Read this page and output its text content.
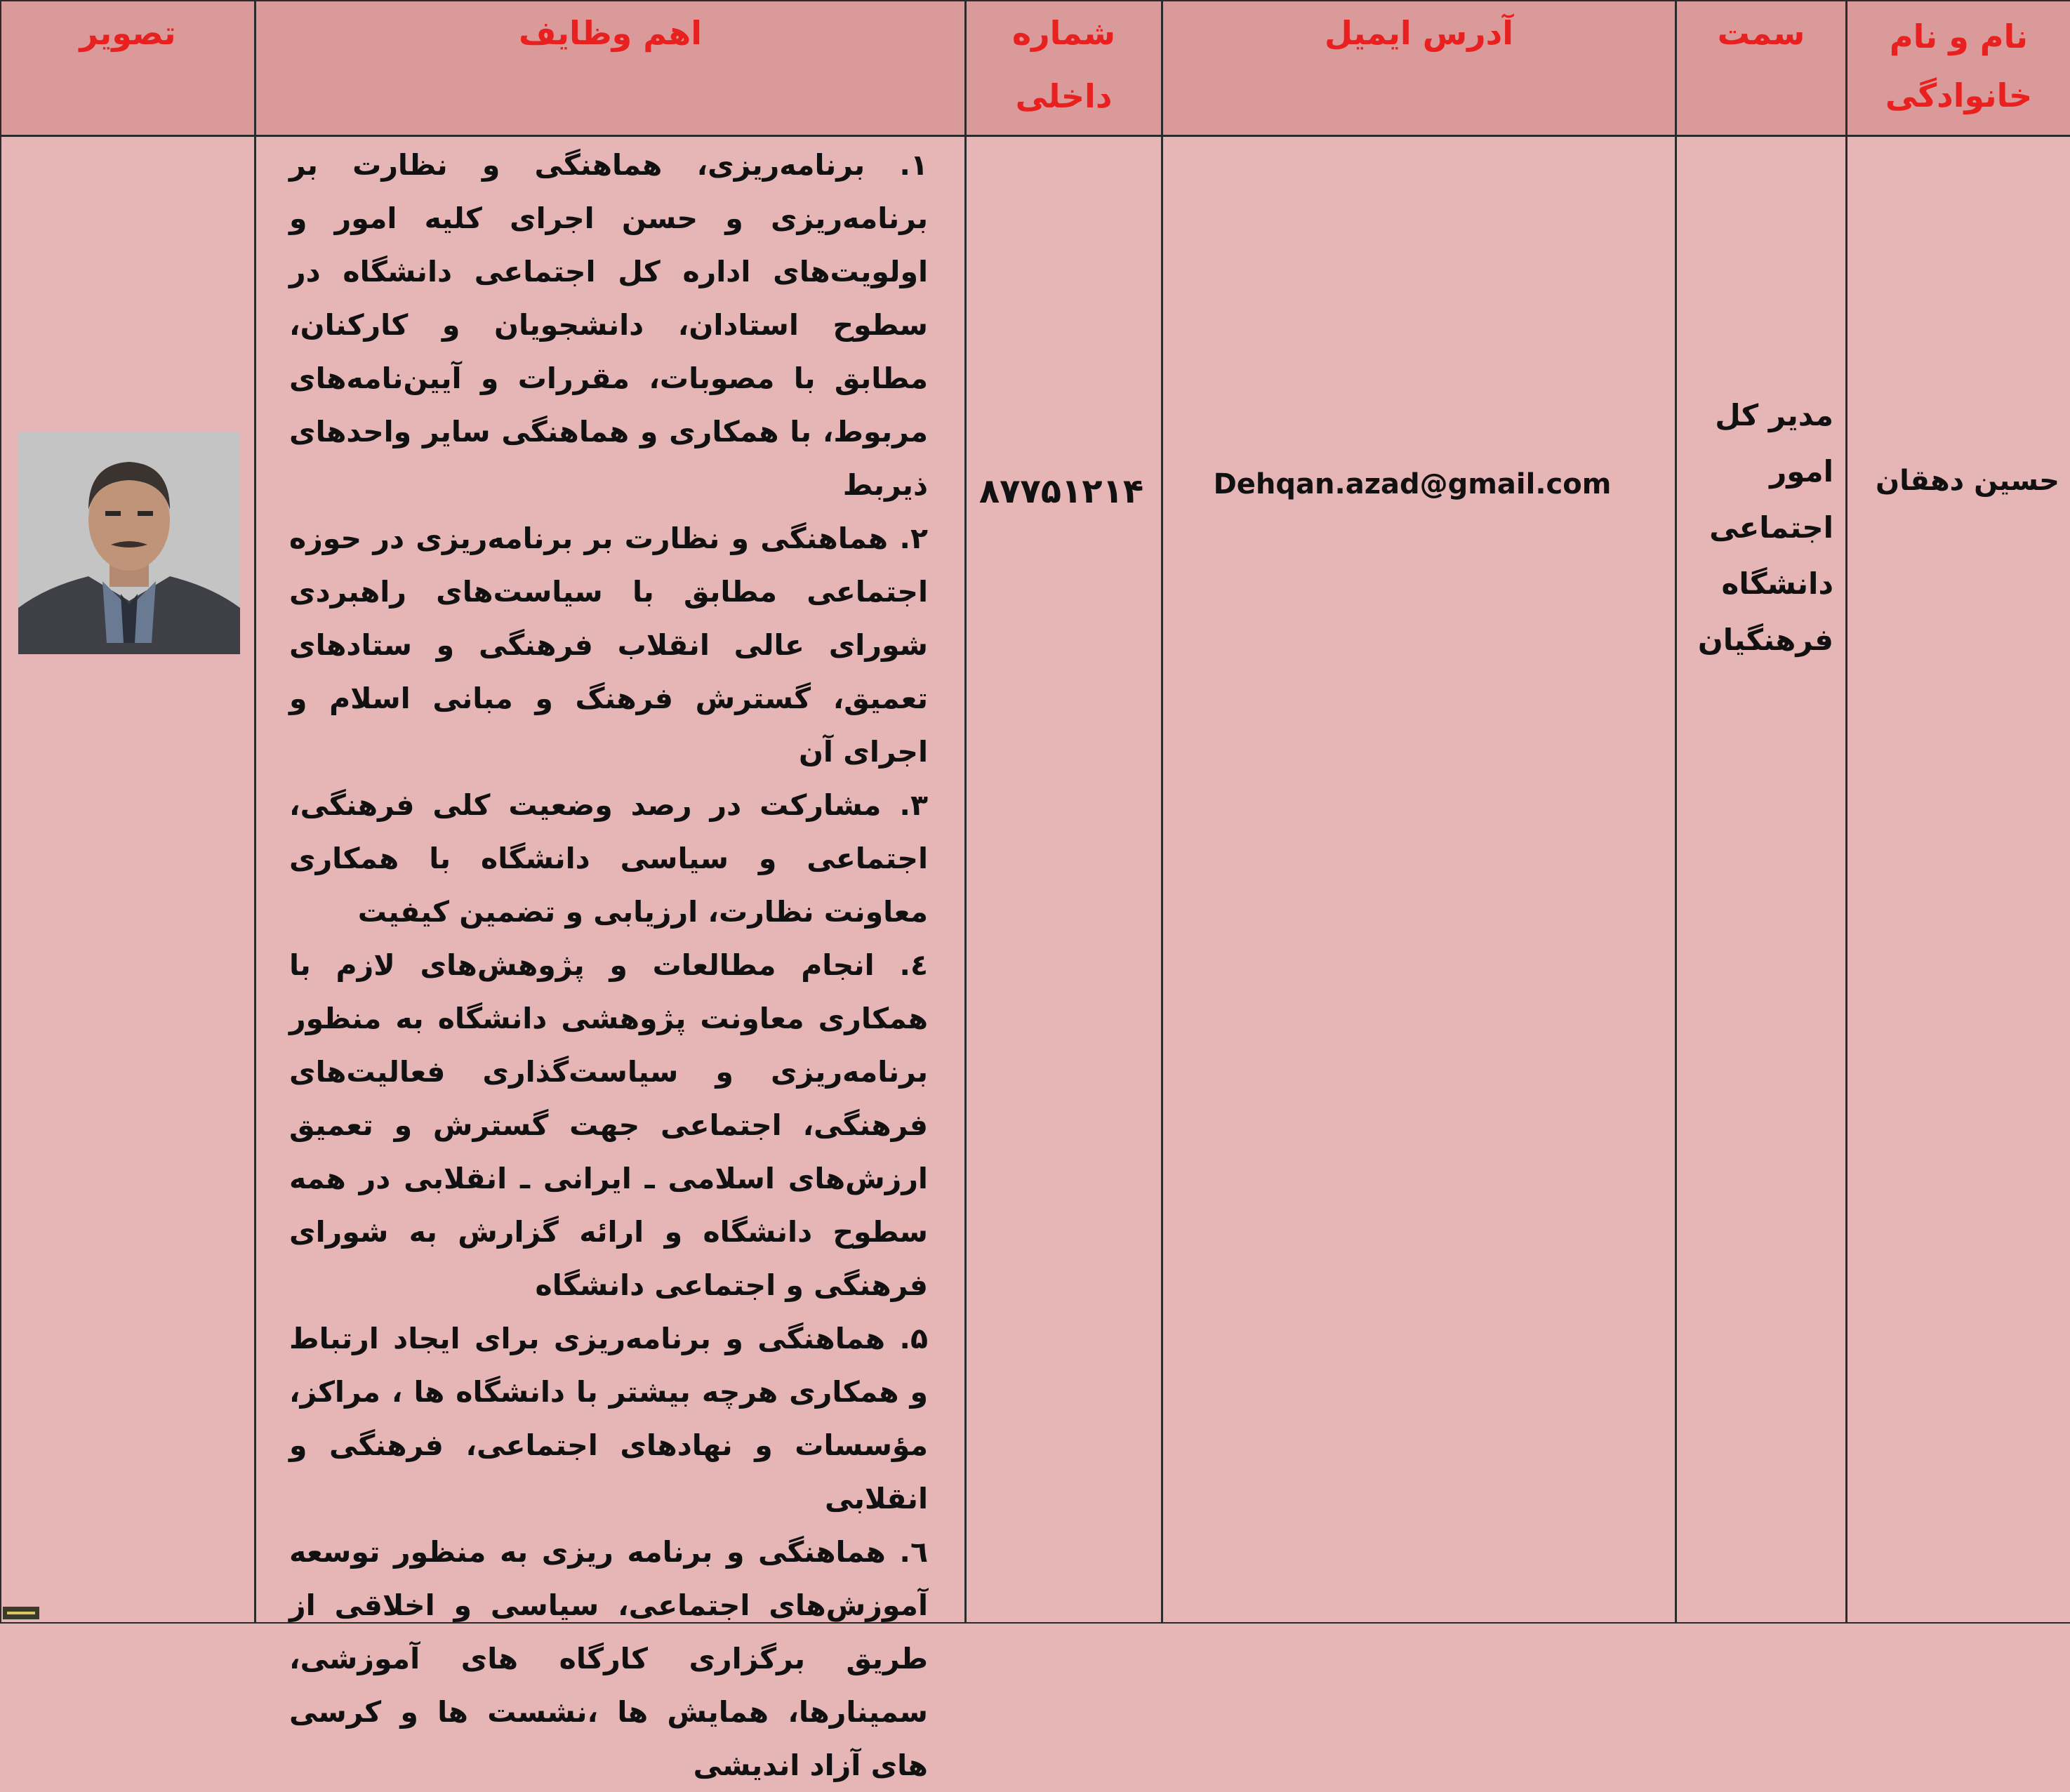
نام و نام خانوادگی
سمت
آدرس ایمیل
شماره داخلی
اهم وظایف
تصویر
حسین دهقان
مدیر کل امور اجتماعی دانشگاه فرهنگیان
Dehqan.azad@gmail.com
۸۷۷۵۱۲۱۴
۱. برنامه‌ریزی، هماهنگی و نظارت بر برنامه‌ریزی و حسن اجرای کلیه امور و اولویت‌های اداره کل اجتماعی دانشگاه در سطوح استادان، دانشجویان و کارکنان، مطابق با مصوبات، مقررات و آیین‌نامه‌های مربوط، با همکاری و هماهنگی سایر واحدهای ذیربط
۲. هماهنگی و نظارت بر برنامه‌ریزی در حوزه اجتماعی مطابق با سیاست‌های راهبردی شورای عالی انقلاب فرهنگی و ستادهای تعمیق، گسترش فرهنگ و مبانی اسلام و اجرای آن
۳. مشارکت در رصد وضعیت کلی فرهنگی، اجتماعی و سیاسی دانشگاه با همکاری معاونت نظارت، ارزیابی و تضمین کیفیت
٤. انجام مطالعات و پژوهش‌های لازم با همکاری معاونت پژوهشی دانشگاه به منظور برنامه‌ریزی و سیاست‌گذاری فعالیت‌های فرهنگی، اجتماعی جهت گسترش و تعمیق ارزش‌های اسلامی ـ ایرانی ـ انقلابی در همه سطوح دانشگاه و ارائه گزارش به شورای فرهنگی و اجتماعی دانشگاه
۵. هماهنگی و برنامه‌ریزی برای ایجاد ارتباط و همکاری هرچه بیشتر با دانشگاه ها ، مراکز، مؤسسات و نهادهای اجتماعی، فرهنگی و انقلابی
٦. هماهنگی و برنامه ریزی به منظور توسعه آموزش‌های اجتماعی، سیاسی و اخلاقی از طریق برگزاری کارگاه های آموزشی، سمینارها، همایش ها ،نشست ها و کرسی های آزاد اندیشی
